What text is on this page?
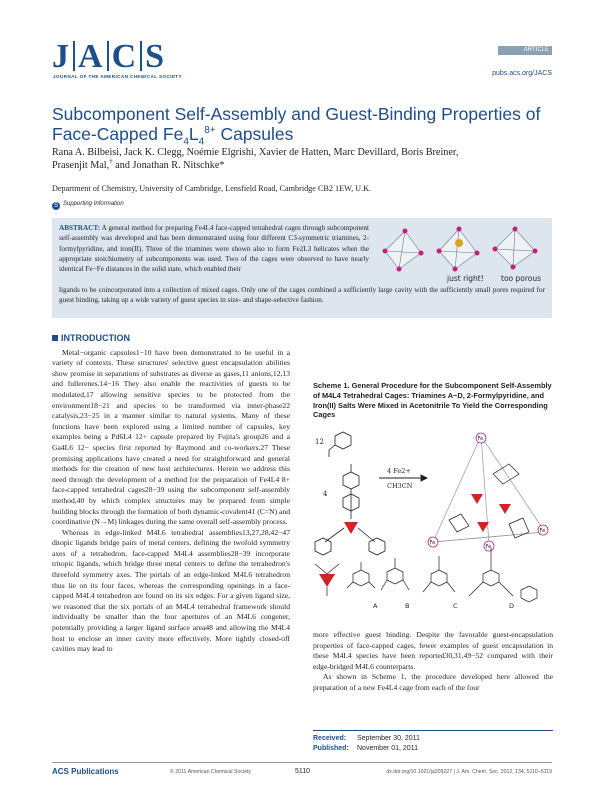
J A C S
JOURNAL OF THE AMERICAN CHEMICAL SOCIETY
ARTICLE
pubs.acs.org/JACS
Subcomponent Self-Assembly and Guest-Binding Properties of
Face-Capped $Fe_4L_4^{8+}$ Capsules
Rana A. Bilbeisi, Jack K. Clegg, Noémie Elgrishi, Xavier de Hatten, Marc Devillard, Boris Breiner,
Prasenjit Mal,† and Jonathan R. Nitschke*
Department of Chemistry, University of Cambridge, Lensfield Road, Cambridge CB2 1EW, U.K.
S Supporting Information
ABSTRACT: A general method for preparing Fe4L4 face-capped tetrahedral cages through subcomponent self-assembly was developed and has been demonstrated using four different C3-symmetric triamines, 2-formylpyridine, and iron(II). Three of the triamines were shown also to form Fe2L3 helicates when the appropriate stoichiometry of subcomponents was used. Two of the cages were observed to have nearly identical Fe−Fe distances in the solid state, which enabled their
just right! too porous
ligands to be coincorporated into a collection of mixed cages. Only one of the cages combined a sufficiently large cavity with the sufficiently small pores required for guest binding, taking up a wide variety of guest species in size- and shape-selective fashion.
INTRODUCTION

Metal−organic capsules1−10 have been demonstrated to be useful in a variety of contexts. These structures' selective guest encapsulation abilities show promise in separations of substrates as diverse as gases,11 anions,12,13 and fullerenes.14−16 They also enable the reactivities of guests to be modulated,17 allowing sensitive species to be protected from the environment18−21 and species to be transformed via inner-phase22 catalysis,23−25 in a manner similar to natural systems. Many of these functions have been explored using a limited number of capsules, key examples being a Pd6L4 12+ capsule prepared by Fujita's group26 and a Ga4L6 12− species first reported by Raymond and co-workers.27 These promising applications have created a need for straightforward and general methods for the creation of new host architectures. Herein we address this need through the development of a method for the preparation of Fe4L4 8+ face-capped tetrahedral cages28−39 using the subcomponent self-assembly method,40 by which complex structures may be prepared from simple building blocks through the formation of both dynamic-covalent41 (C=N) and coordinative (N→M) linkages during the same overall self-assembly process.

Whereas in edge-linked M4L6 tetrahedral assemblies13,27,28,42−47 ditopic ligands bridge pairs of metal centers, defining the twofold symmetry axes of a tetrahedron, face-capped M4L4 assemblies28−39 incorporate tritopic ligands, which bridge three metal centers to define the tetrahedron's threefold symmetry axes. The portals of an edge-linked M4L6 tetrahedron thus lie on its four faces, whereas the corresponding openings in a face-capped M4L4 tetrahedron are found on its six edges. For a given ligand size, we reasoned that the six portals of an M4L4 tetrahedral framework should individually be smaller than the four apertures of an M4L6 congener, potentially providing a larger ligand surface area48 and allowing the M4L4 host to enclose an inner cavity more effectively. More tightly closed-off cavities may lead to

Scheme 1. General Procedure for the Subcomponent Self-Assembly of M4L4 Tetrahedral Cages: Triamines A−D, 2-Formylpyridine, and Iron(II) Salts Were Mixed in Acetonitrile To Yield the Corresponding Cages
12
4
4 Fe2+
CH3CN
Fe
Fe
Fe
Fe
A	B	C	D

more effective guest binding. Despite the favorable guest-encapsulation properties of face-capped cages, fewer examples of guest encapsulation in these M4L4 species have been reported30,31,49−52 compared with their edge-bridged M4L6 counterparts.

As shown in Scheme 1, the procedure developed here allowed the preparation of a new Fe4L4 cage from each of the four

Received: September 30, 2011
Published: November 01, 2011
ACS Publications	© 2011 American Chemical Society	5110	dx.doi.org/10.1021/ja209227 | J. Am. Chem. Soc. 2012, 134, 5110−5119
